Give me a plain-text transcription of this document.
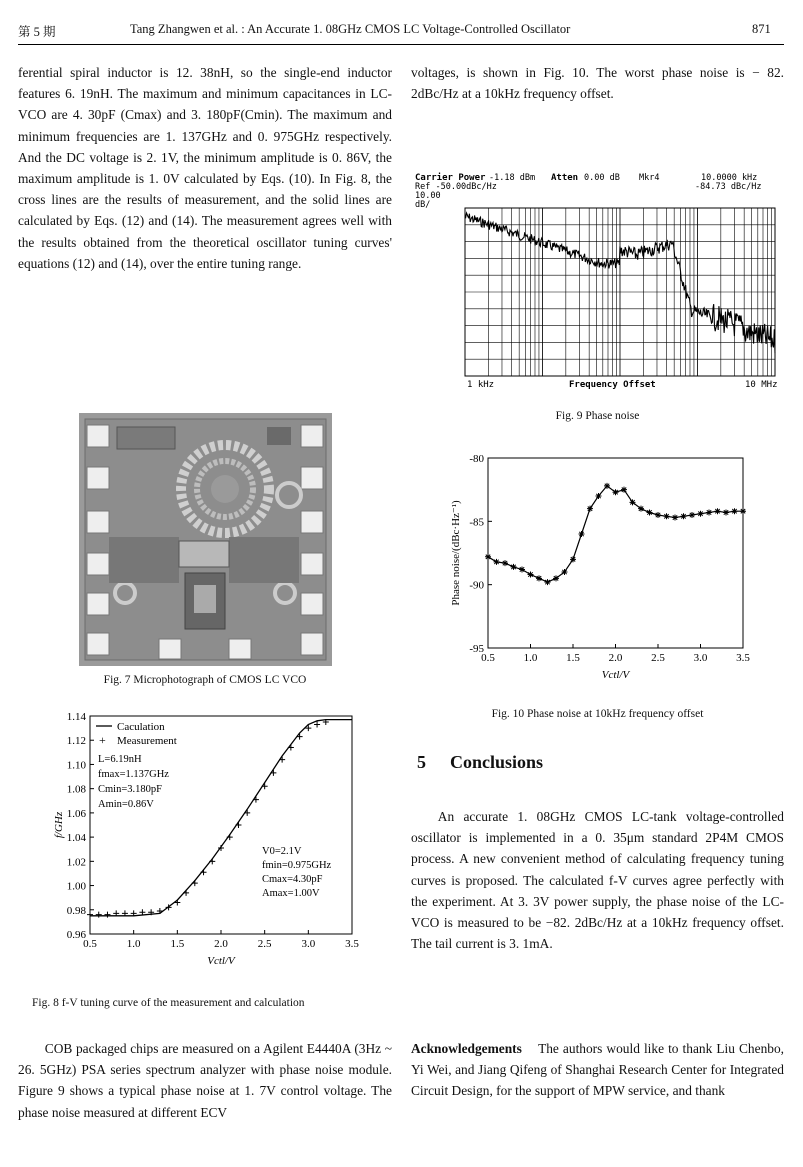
第 5 期	Tang Zhangwen et al. : An Accurate 1. 08GHz CMOS LC Voltage-Controlled Oscillator	871

ferential spiral inductor is 12. 38nH, so the single-end inductor features 6. 19nH. The maximum and minimum capacitances in LC-VCO are 4. 30pF (Cmax) and 3. 180pF(Cmin). The maximum and minimum frequencies are 1. 137GHz and 0. 975GHz respectively. And the DC voltage is 2. 1V, the minimum amplitude is 0. 86V, the maximum amplitude is 1. 0V calculated by Eqs. (10). In Fig. 8, the cross lines are the results of measurement, and the solid lines are calculated by Eqs. (12) and (14). The measurement agrees well with the results obtained from the theoretical oscillator tuning curves' equations (12) and (14), over the entire tuning range.

Fig. 7 Microphotograph of CMOS LC VCO
0.5	1.0	1.5	2.0	2.5	3.0	3.5
0.96
0.98
1.00
1.02
1.04
1.06
1.08
1.10
1.12
1.14
Caculation
+ Measurement
L=6.19nH
fmax=1.137GHz
Cmin=3.180pF
Amin=0.86V
V0=2.1V
fmin=0.975GHz
Cmax=4.30pF
Amax=1.00V
Vctl/V
f/GHz
Fig. 8 f-V tuning curve of the measurement and calculation

COB packaged chips are measured on a Agilent E4440A (3Hz ~ 26. 5GHz) PSA series spectrum analyzer with phase noise module. Figure 9 shows a typical phase noise at 1. 7V control voltage. The phase noise measured at different ECV

voltages, is shown in Fig. 10. The worst phase noise is − 82. 2dBc/Hz at a 10kHz frequency offset.

Carrier Power -1.18 dBm Atten 0.00 dB Mkr4	10.0000 kHz
Ref -50.00dBc/Hz	-84.73 dBc/Hz
10.00
dB/
1 kHz	Frequency Offset	10 MHz
Fig. 9 Phase noise
0.5	1.0	1.5	2.0	2.5	3.0	3.5
-80
-85
-90
-95
Vctl/V
Phase noise/(dBc·Hz⁻¹)
Fig. 10 Phase noise at 10kHz frequency offset
5 Conclusions

An accurate 1. 08GHz CMOS LC-tank voltage-controlled oscillator is implemented in a 0. 35μm standard 2P4M CMOS process. A new convenient method of calculating frequency tuning curves is proposed. The calculated f-V curves agree perfectly with the experiment. At 3. 3V power supply, the phase noise of the LC-VCO is measured to be −82. 2dBc/Hz at a 10kHz frequency offset. The tail current is 3. 1mA.

Acknowledgements The authors would like to thank Liu Chenbo, Yi Wei, and Jiang Qifeng of Shanghai Research Center for Integrated Circuit Design, for the support of MPW service, and thank
